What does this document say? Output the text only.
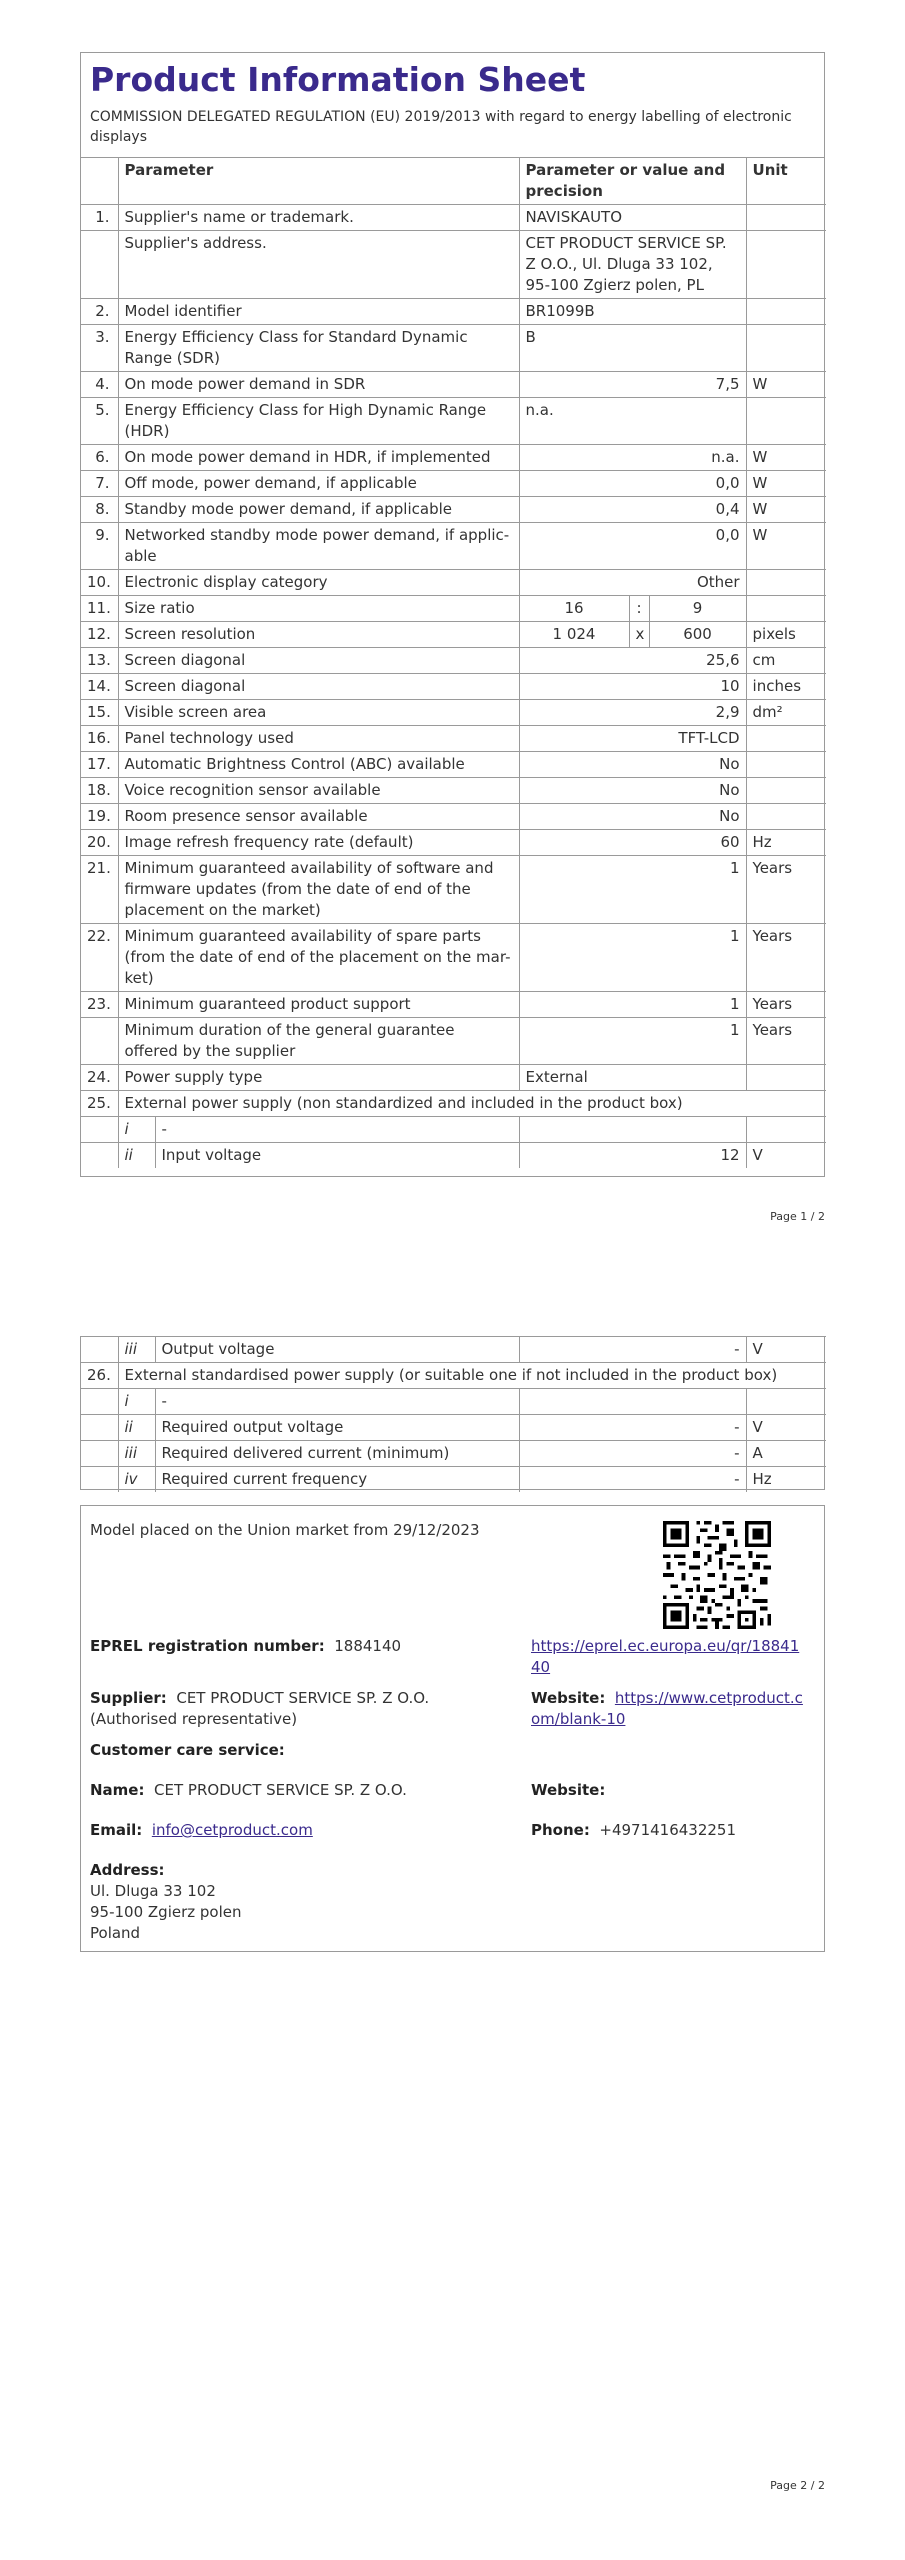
Product Information Sheet
COMMISSION DELEGATED REGULATION (EU) 2019/2013 with regard to energy labelling of electronic displays
	Parameter		Parameter or value and precision			Unit
1.	Supplier's name or trademark.		NAVISKAUTO			
	Supplier's address.		CET PRODUCT SERVICE SP. Z O.O., Ul. Dluga 33 102, 95-100 Zgierz polen, PL			
2.	Model identifier		BR1099B			
3.	Energy Efficiency Class for Standard Dynamic Range (SDR)		B			
4.	On mode power demand in SDR		7,5			W
5.	Energy Efficiency Class for High Dynamic Range (HDR)		n.a.			
6.	On mode power demand in HDR, if implemented		n.a.			W
7.	Off mode, power demand, if applicable		0,0			W
8.	Standby mode power demand, if applicable		0,4			W
9.	Networked standby mode power demand, if applic- able		0,0			W
10.	Electronic display category		Other			
11.	Size ratio		16	:	9	
12.	Screen resolution		1 024	x	600	pixels
13.	Screen diagonal		25,6			cm
14.	Screen diagonal		10			inches
15.	Visible screen area		2,9			dm²
16.	Panel technology used		TFT-LCD			
17.	Automatic Brightness Control (ABC) available		No			
18.	Voice recognition sensor available		No			
19.	Room presence sensor available		No			
20.	Image refresh frequency rate (default)		60			Hz
21.	Minimum guaranteed availability of software and firmware updates (from the date of end of the placement on the market)		1			Years
22.	Minimum guaranteed availability of spare parts (from the date of end of the placement on the mar- ket)		1			Years
23.	Minimum guaranteed product support		1			Years
	Minimum duration of the general guarantee offered by the supplier		1			Years
24.	Power supply type		External			
25.	External power supply (non standardized and included in the product box)					
	i	-				
	ii	Input voltage	12			V
Page 1 / 2
	iii	Output voltage	-	V
26.	External standardised power supply (or suitable one if not included in the product box)			
	i	-		
	ii	Required output voltage	-	V
	iii	Required delivered current (minimum)	-	A
	iv	Required current frequency	-	Hz
Model placed on the Union market from 29/12/2023
EPREL registration number: 1884140	https://eprel.ec.europa.eu/qr/1884140
Supplier: CET PRODUCT SERVICE SP. Z O.O. (Authorised representative)
Website: https://www.cetproduct.com/blank-10
Customer care service:
Name: CET PRODUCT SERVICE SP. Z O.O.	Website:
Email: info@cetproduct.com	Phone: +4971416432251
Address:
Ul. Dluga 33 102
95-100 Zgierz polen
Poland
Page 2 / 2
